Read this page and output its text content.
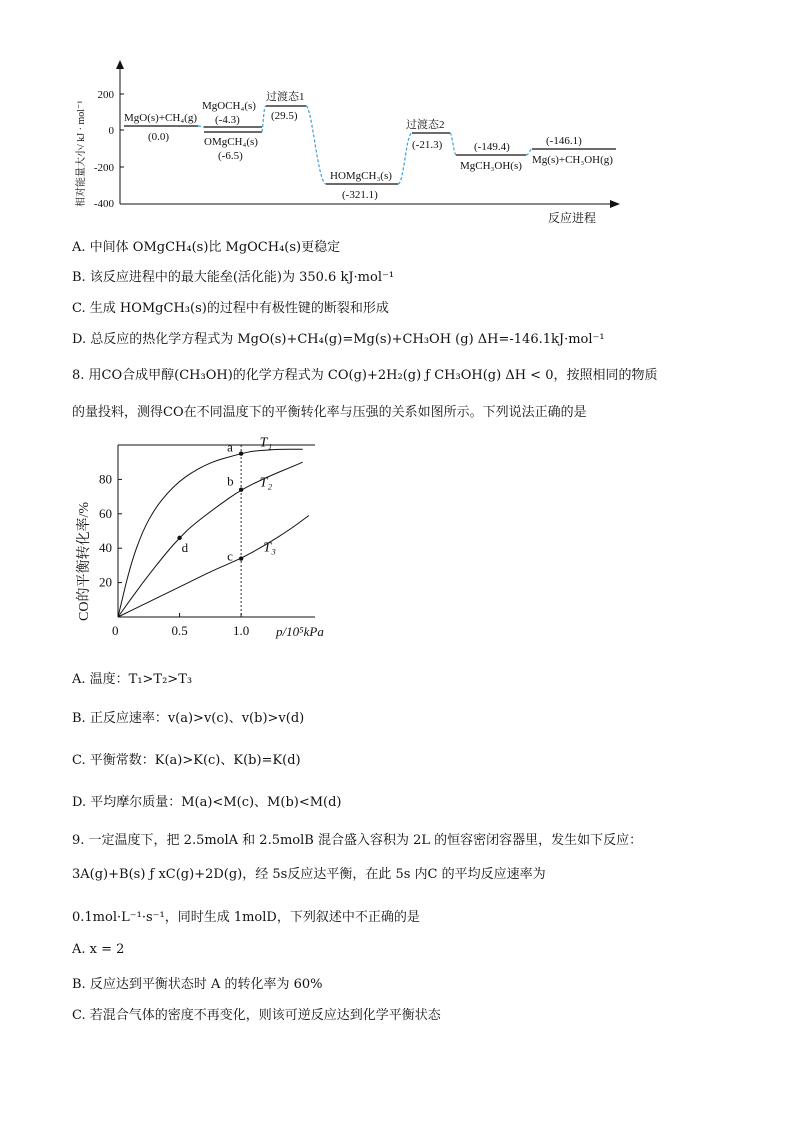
200
0
-200
-400
相对能量大小/ kJ · mol⁻¹
反应进程
MgO(s)+CH₄(g)
(0.0)
MgOCH₄(s)
(-4.3)
OMgCH₄(s)
(-6.5)
过渡态1
(29.5)
HOMgCH₃(s)
(-321.1)
过渡态2
(-21.3)	(-149.4)
MgCH₃OH(s)
(-146.1)
Mg(s)+CH₃OH(g)
A. 中间体 OMgCH₄(s)比 MgOCH₄(s)更稳定
B. 该反应进程中的最大能垒(活化能)为 350.6 kJ·mol⁻¹
C. 生成 HOMgCH₃(s)的过程中有极性键的断裂和形成
D. 总反应的热化学方程式为 MgO(s)+CH₄(g)=Mg(s)+CH₃OH (g) ΔH=-146.1kJ·mol⁻¹
8. 用CO合成甲醇(CH₃OH)的化学方程式为 CO(g)+2H₂(g) ƒ CH₃OH(g) ΔH < 0，按照相同的物质
的量投料，测得CO在不同温度下的平衡转化率与压强的关系如图所示。下列说法正确的是
0.5	1.0
20
40
60
80
T₁
T₂
T₃
a
b
c
d
CO的平衡转化率/%
p/10⁵kPa
0
A. 温度：T₁>T₂>T₃
B. 正反应速率：v(a)>v(c)、v(b)>v(d)
C. 平衡常数：K(a)>K(c)、K(b)=K(d)
D. 平均摩尔质量：M(a)<M(c)、M(b)<M(d)
9. 一定温度下，把 2.5molA 和 2.5molB 混合盛入容积为 2L 的恒容密闭容器里，发生如下反应：
3A(g)+B(s) ƒ xC(g)+2D(g)，经 5s反应达平衡，在此 5s 内C 的平均反应速率为
0.1mol·L⁻¹·s⁻¹，同时生成 1molD，下列叙述中不正确的是
A. x = 2
B. 反应达到平衡状态时 A 的转化率为 60%
C. 若混合气体的密度不再变化，则该可逆反应达到化学平衡状态
